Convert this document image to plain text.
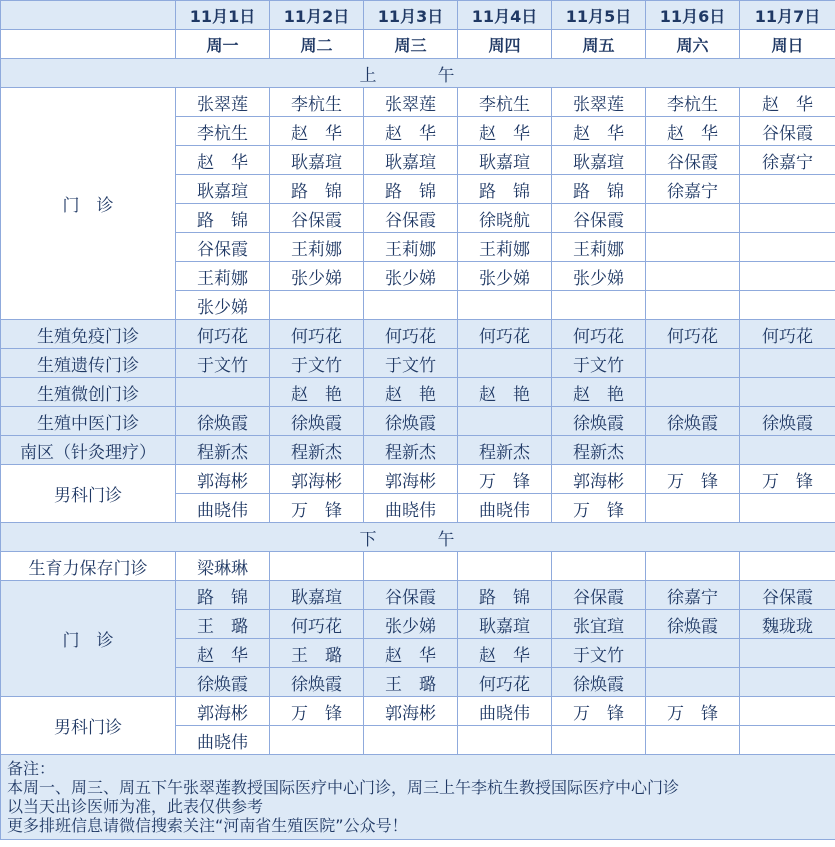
	11月1日	11月2日	11月3日	11月4日	11月5日	11月6日	11月7日
	周一	周二	周三	周四	周五	周六	周日
上　午							
门　诊	张翠莲	李杭生	张翠莲	李杭生	张翠莲	李杭生	赵　华
	李杭生	赵　华	赵　华	赵　华	赵　华	赵　华	谷保霞
	赵　华	耿嘉瑄	耿嘉瑄	耿嘉瑄	耿嘉瑄	谷保霞	徐嘉宁
	耿嘉瑄	路　锦	路　锦	路　锦	路　锦	徐嘉宁	
	路　锦	谷保霞	谷保霞	徐晓航	谷保霞		
	谷保霞	王莉娜	王莉娜	王莉娜	王莉娜		
	王莉娜	张少娣	张少娣	张少娣	张少娣		
	张少娣						
生殖免疫门诊	何巧花	何巧花	何巧花	何巧花	何巧花	何巧花	何巧花
生殖遗传门诊	于文竹	于文竹	于文竹		于文竹		
生殖微创门诊		赵　艳	赵　艳	赵　艳	赵　艳		
生殖中医门诊	徐焕霞	徐焕霞	徐焕霞		徐焕霞	徐焕霞	徐焕霞
南区（针灸理疗）	程新杰	程新杰	程新杰	程新杰	程新杰		
男科门诊	郭海彬	郭海彬	郭海彬	万　锋	郭海彬	万　锋	万　锋
	曲晓伟	万　锋	曲晓伟	曲晓伟	万　锋		
下　午							
生育力保存门诊	梁琳琳						
门　诊	路　锦	耿嘉瑄	谷保霞	路　锦	谷保霞	徐嘉宁	谷保霞
	王　璐	何巧花	张少娣	耿嘉瑄	张宜瑄	徐焕霞	魏珑珑
	赵　华	王　璐	赵　华	赵　华	于文竹		
	徐焕霞	徐焕霞	王　璐	何巧花	徐焕霞		
男科门诊	郭海彬	万　锋	郭海彬	曲晓伟	万　锋	万　锋	
	曲晓伟						

备注：
本周一、周三、周五下午张翠莲教授国际医疗中心门诊，周三上午李杭生教授国际医疗中心门诊
以当天出诊医师为准，此表仅供参考
更多排班信息请微信搜索关注“河南省生殖医院”公众号！							
